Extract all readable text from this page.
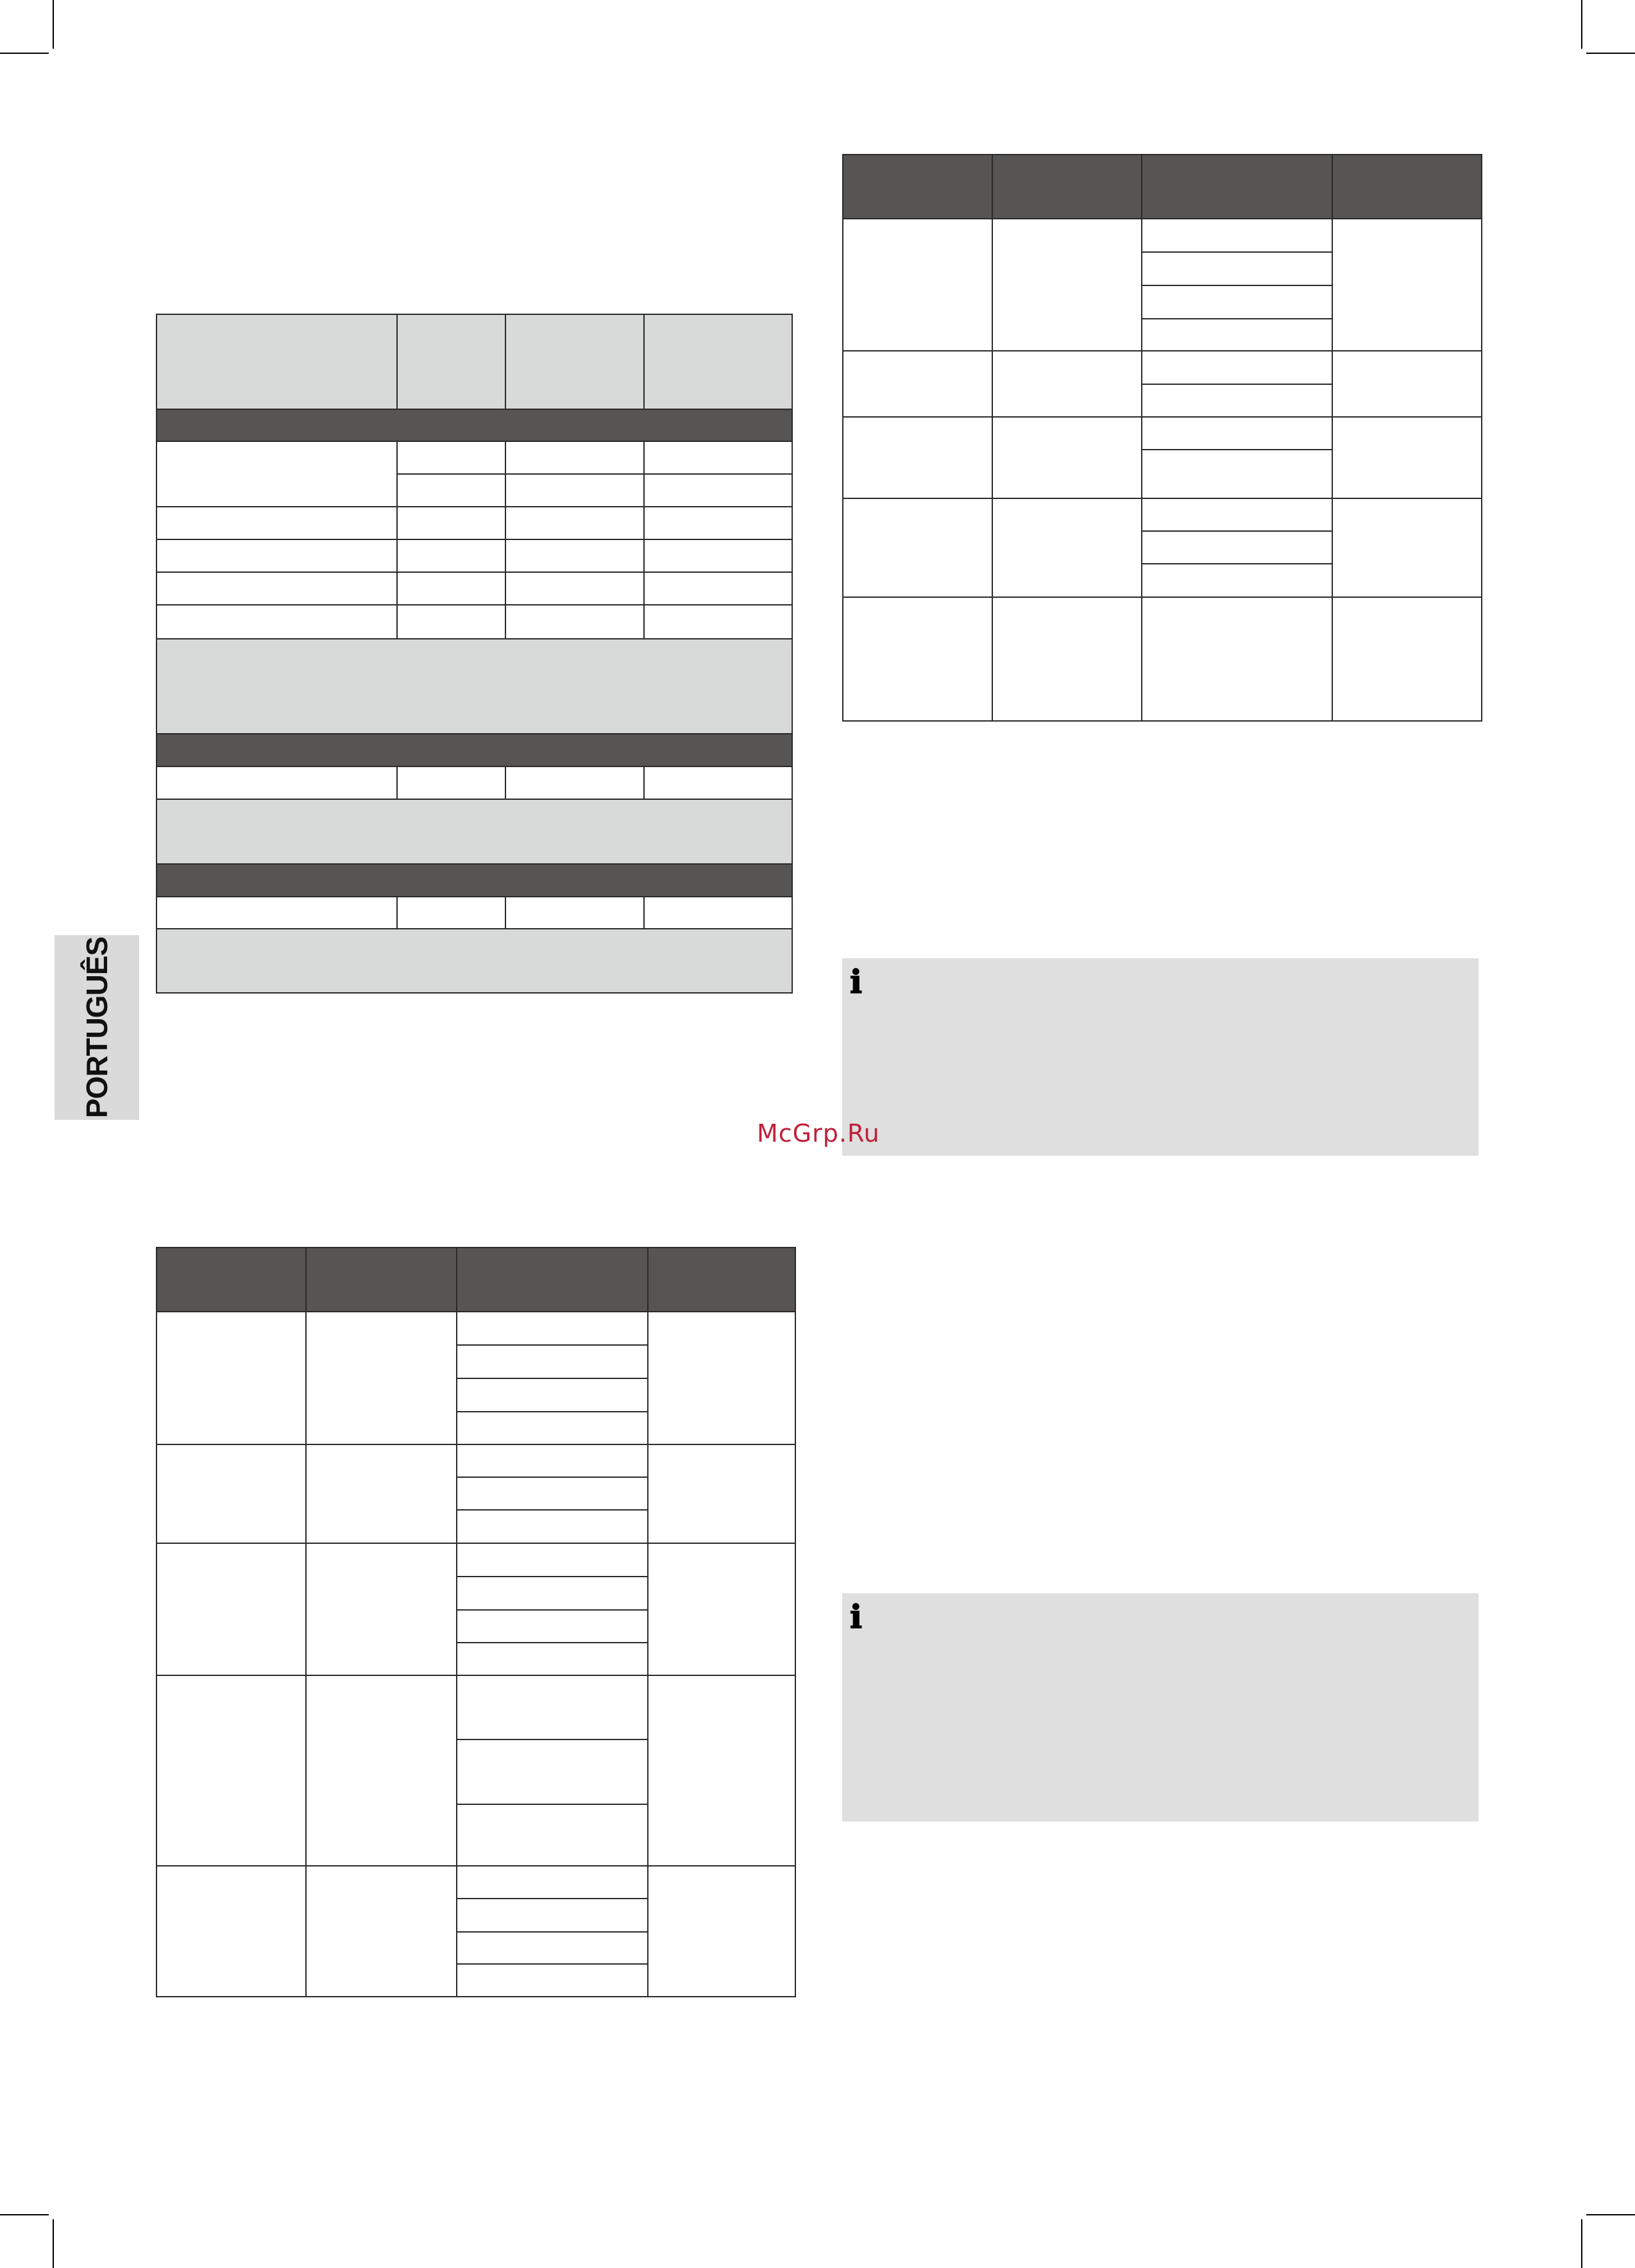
PORTUGUÊS	ℹ
ℹ
McGrp.Ru
